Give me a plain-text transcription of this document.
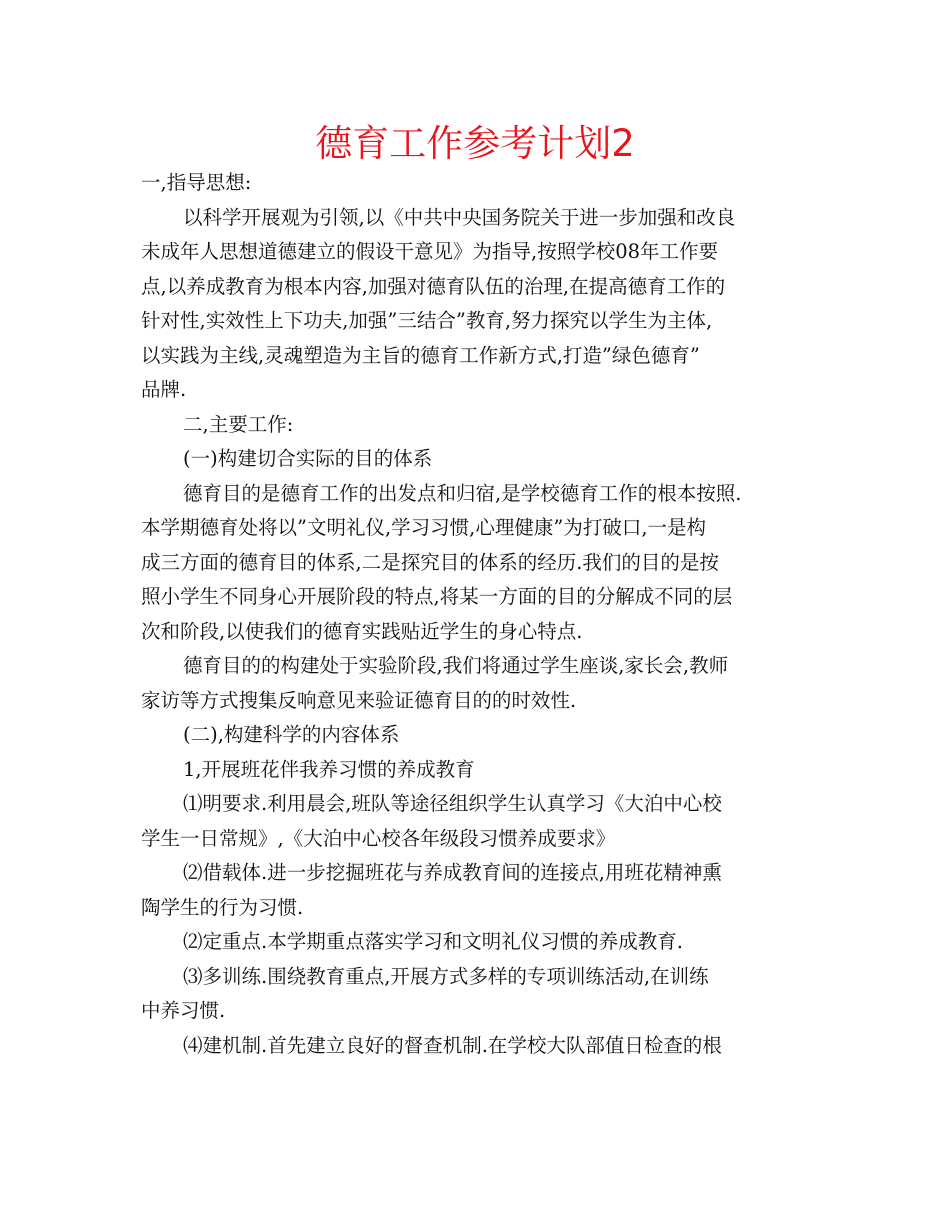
德育工作参考计划2
一,指导思想:
以科学开展观为引领,以《中共中央国务院关于进一步加强和改良
未成年人思想道德建立的假设干意见》为指导,按照学校08年工作要
点,以养成教育为根本内容,加强对德育队伍的治理,在提高德育工作的
针对性,实效性上下功夫,加强”三结合”教育,努力探究以学生为主体,
以实践为主线,灵魂塑造为主旨的德育工作新方式,打造”绿色德育”
品牌.
二,主要工作:
(一)构建切合实际的目的体系
德育目的是德育工作的出发点和归宿,是学校德育工作的根本按照.
本学期德育处将以”文明礼仪,学习习惯,心理健康”为打破口,一是构
成三方面的德育目的体系,二是探究目的体系的经历.我们的目的是按
照小学生不同身心开展阶段的特点,将某一方面的目的分解成不同的层
次和阶段,以使我们的德育实践贴近学生的身心特点.
德育目的的构建处于实验阶段,我们将通过学生座谈,家长会,教师
家访等方式搜集反响意见来验证德育目的的时效性.
(二),构建科学的内容体系
1,开展班花伴我养习惯的养成教育
⑴明要求.利用晨会,班队等途径组织学生认真学习《大泊中心校
学生一日常规》,《大泊中心校各年级段习惯养成要求》
⑵借载体.进一步挖掘班花与养成教育间的连接点,用班花精神熏
陶学生的行为习惯.
⑵定重点.本学期重点落实学习和文明礼仪习惯的养成教育.
⑶多训练.围绕教育重点,开展方式多样的专项训练活动,在训练
中养习惯.
⑷建机制.首先建立良好的督查机制.在学校大队部值日检查的根
